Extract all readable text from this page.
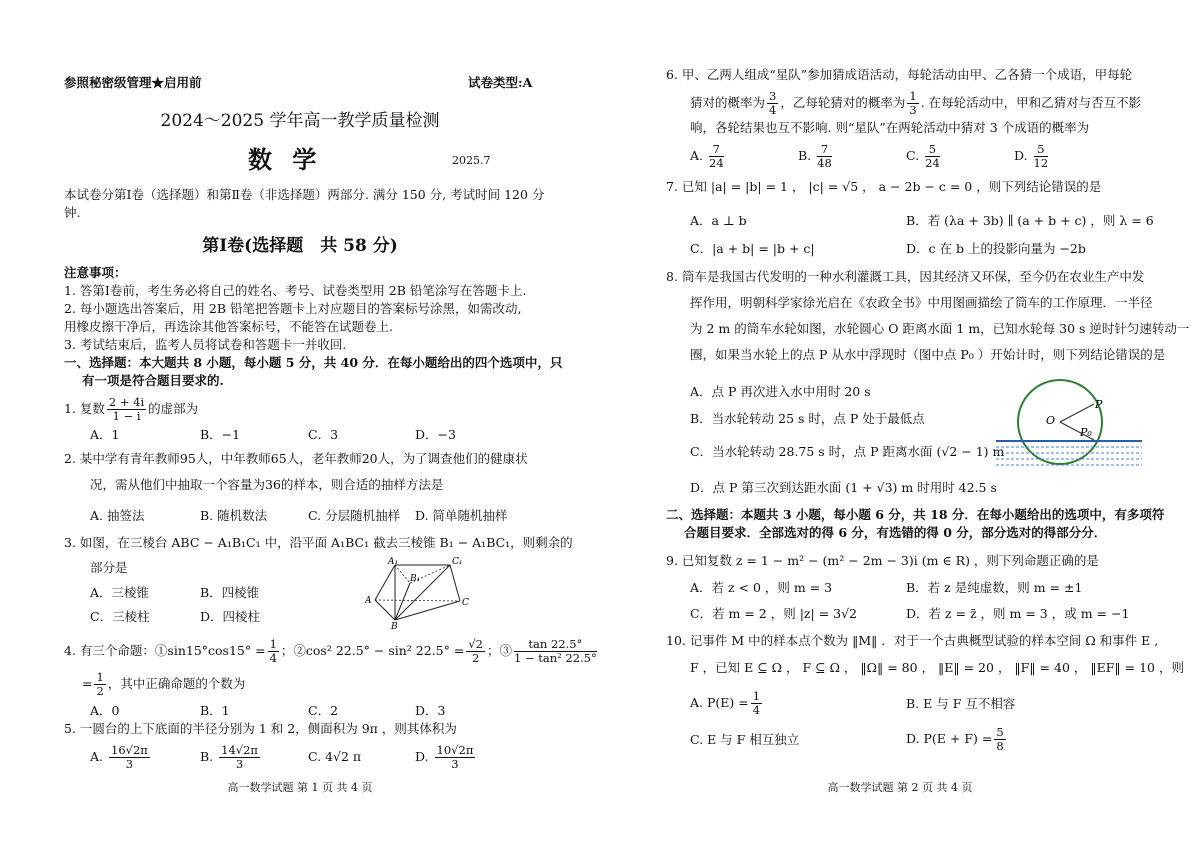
参照秘密级管理★启用前	试卷类型:A
2024～2025 学年高一教学质量检测
数 学	2025.7
本试卷分第Ⅰ卷（选择题）和第Ⅱ卷（非选择题）两部分. 满分 150 分, 考试时间 120 分
钟.
第Ⅰ卷(选择题　共 58 分)
注意事项：
1. 答第Ⅰ卷前，考生务必将自己的姓名、考号、试卷类型用 2B 铅笔涂写在答题卡上.
2. 每小题选出答案后，用 2B 铅笔把答题卡上对应题目的答案标号涂黑，如需改动,
用橡皮擦干净后，再选涂其他答案标号，不能答在试题卷上.
3. 考试结束后，监考人员将试卷和答题卡一并收回.
一、选择题：本大题共 8 小题，每小题 5 分，共 40 分．在每小题给出的四个选项中，只
有一项是符合题目要求的.
1. 复数 $\frac{2 + 4i}{1 - i}$ 的虚部为
A．1	B．−1	C．3	D．−3
2. 某中学有青年教师95人，中年教师65人，老年教师20人，为了调查他们的健康状
况，需从他们中抽取一个容量为36的样本，则合适的抽样方法是
A. 抽签法	B. 随机数法	C. 分层随机抽样 D. 简单随机抽样
3. 如图，在三棱台 ABC − A₁B₁C₁ 中，沿平面 A₁BC₁ 截去三棱锥 B₁ − A₁BC₁，则剩余的
部分是
A．三棱锥	B．四棱锥
C．三棱柱	D．四棱柱
A₁	C₁
B₁
A	C
B
4. 有三个命题：①sin15°cos15° = $\frac{1}{4}$ ；②cos² 22.5° − sin² $22.5^\circ = \frac{√2}{2}$ ；③ $\frac{\tan 22.5^\circ}{\text{1 − tan² 22.5°}}$
= $\frac{1}{2}$ ，其中正确命题的个数为
A．0	B．1	C．2	D．3
5. 一圆台的上下底面的半径分别为 1 和 2，侧面积为 9π ，则其体积为
A. $\frac{16√2\pi}{3}$	B. $\frac{14√2\pi}{3}$	C. 4√2 π	D. $\frac{10√2\pi}{3}$
高一数学试题 第 1 页 共 4 页
6. 甲、乙两人组成“星队”参加猜成语活动，每轮活动由甲、乙各猜一个成语，甲每轮
猜对的概率为 $\frac{3}{4}$ ，乙每轮猜对的概率为 $\frac{1}{3}$ . 在每轮活动中，甲和乙猜对与否互不影
响，各轮结果也互不影响. 则“星队”在两轮活动中猜对 3 个成语的概率为
A. $\frac{7}{24}$	B. $\frac{7}{48}$	C. $\frac{5}{24}$	D. $\frac{5}{12}$
7. 已知 |a| = |b| = 1 ， |c| = √5 ， a − 2b − c = 0 ，则下列结论错误的是
A．a ⊥ b	B．若 (λa + 3b) ∥ (a + b + c) ，则 λ = 6
C．|a + b| = |b + c|	D．c 在 b 上的投影向量为 −2b
8. 筒车是我国古代发明的一种水利灌溉工具，因其经济又环保，至今仍在农业生产中发
挥作用，明朝科学家徐光启在《农政全书》中用图画描绘了筒车的工作原理．一半径
为 2 m 的筒车水轮如图，水轮圆心 O 距离水面 1 m，已知水轮每 30 s 逆时针匀速转动一
圈，如果当水轮上的点 P 从水中浮现时（图中点 P₀ ）开始计时，则下列结论错误的是
A．点 P 再次进入水中用时 20 s
B．当水轮转动 25 s 时，点 P 处于最低点
C．当水轮转动 28.75 s 时，点 P 距离水面 (√2 − 1) m
D．点 P 第三次到达距水面 (1 + √3) m 时用时 42.5 s
O
P
P₀
二、选择题：本题共 3 小题，每小题 6 分，共 18 分．在每小题给出的选项中，有多项符
合题目要求．全部选对的得 6 分，有选错的得 0 分，部分选对的得部分分．
9. 已知复数 z = 1 − m² − (m² − 2m − 3)i (m ∈ R) ，则下列命题正确的是
A．若 z < 0 ，则 m = 3	B．若 z 是纯虚数，则 m = ±1
C．若 m = 2 ，则 |z| = 3√2	D．若 z = z̄ ，则 m = 3 ，或 m = −1
10. 记事件 M 中的样本点个数为 ‖M‖ ．对于一个古典概型试验的样本空间 Ω 和事件 E ,
F ，已知 E ⊆ Ω ， F ⊆ Ω ， ‖Ω‖ = 80 ， ‖E‖ = 20 ， ‖F‖ = 40 ， ‖EF‖ = 10 ，则
A. $P(E) = \frac{1}{4}$	B. E 与 F 互不相容
C. E 与 F 相互独立	D. $P(E + F) = \frac{5}{8}$
高一数学试题 第 2 页 共 4 页
